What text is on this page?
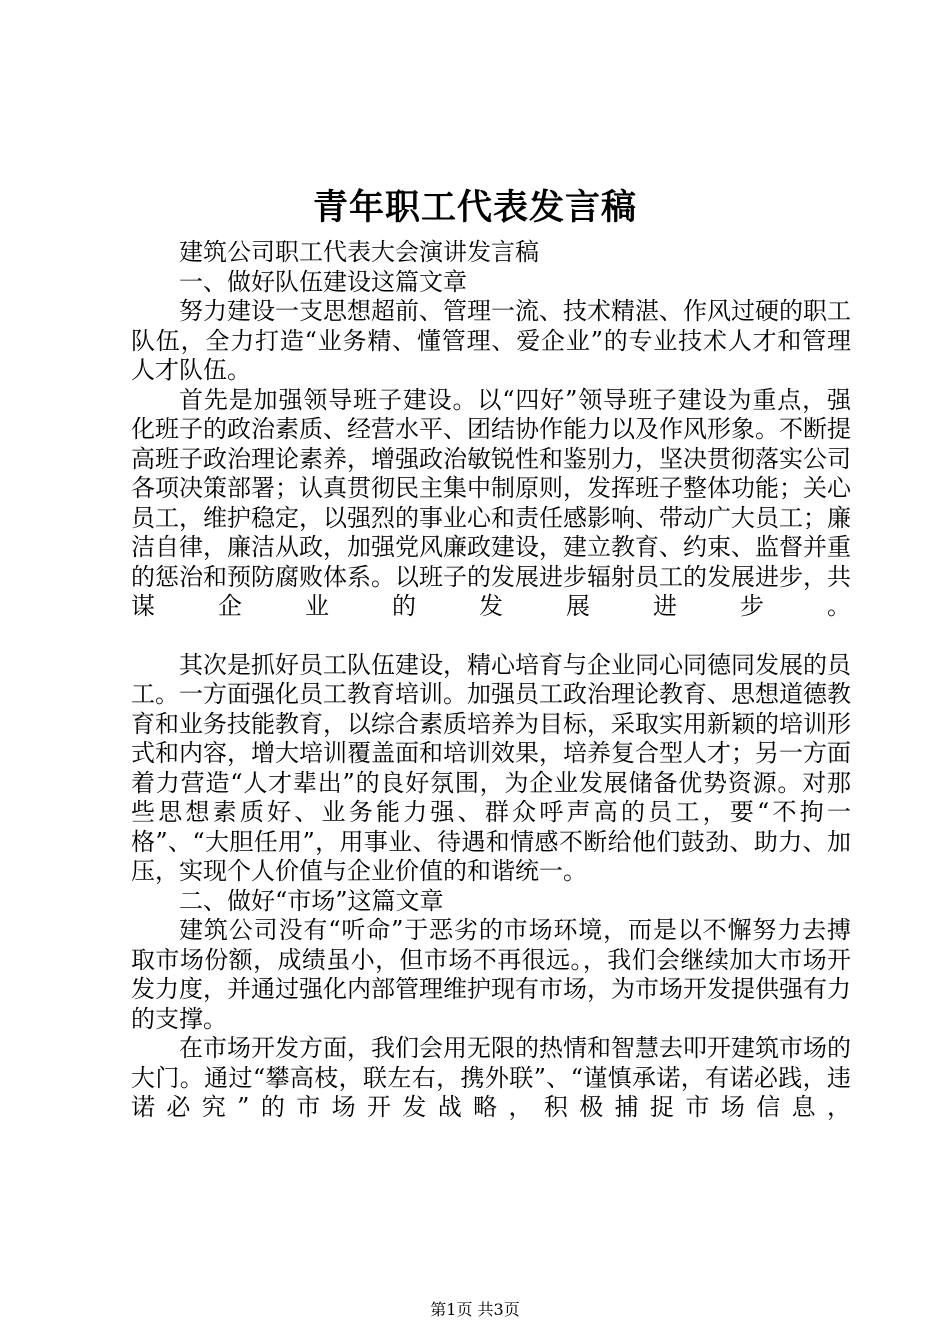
青年职工代表发言稿

建筑公司职工代表大会演讲发言稿

一、做好队伍建设这篇文章

努力建设一支思想超前、管理一流、技术精湛、作风过硬的职工队伍，全力打造“业务精、懂管理、爱企业”的专业技术人才和管理人才队伍。

首先是加强领导班子建设。以“四好”领导班子建设为重点，强化班子的政治素质、经营水平、团结协作能力以及作风形象。不断提高班子政治理论素养，增强政治敏锐性和鉴别力，坚决贯彻落实公司各项决策部署；认真贯彻民主集中制原则，发挥班子整体功能；关心员工，维护稳定，以强烈的事业心和责任感影响、带动广大员工；廉洁自律，廉洁从政，加强党风廉政建设，建立教育、约束、监督并重的惩治和预防腐败体系。以班子的发展进步辐射员工的发展进步，共谋企业的发展进步。

其次是抓好员工队伍建设，精心培育与企业同心同德同发展的员工。一方面强化员工教育培训。加强员工政治理论教育、思想道德教育和业务技能教育，以综合素质培养为目标，采取实用新颖的培训形式和内容，增大培训覆盖面和培训效果，培养复合型人才；另一方面着力营造“人才辈出”的良好氛围，为企业发展储备优势资源。对那些思想素质好、业务能力强、群众呼声高的员工，要“不拘一格”、“大胆任用”，用事业、待遇和情感不断给他们鼓劲、助力、加压，实现个人价值与企业价值的和谐统一。

二、做好“市场”这篇文章

建筑公司没有“听命”于恶劣的市场环境，而是以不懈努力去搏取市场份额，成绩虽小，但市场不再很远。，我们会继续加大市场开发力度，并通过强化内部管理维护现有市场，为市场开发提供强有力的支撑。

在市场开发方面，我们会用无限的热情和智慧去叩开建筑市场的大门。通过“攀高枝，联左右，携外联”、“谨慎承诺，有诺必践，违诺必究”的市场开发战略，积极捕捉市场信息，

第1页 共3页
